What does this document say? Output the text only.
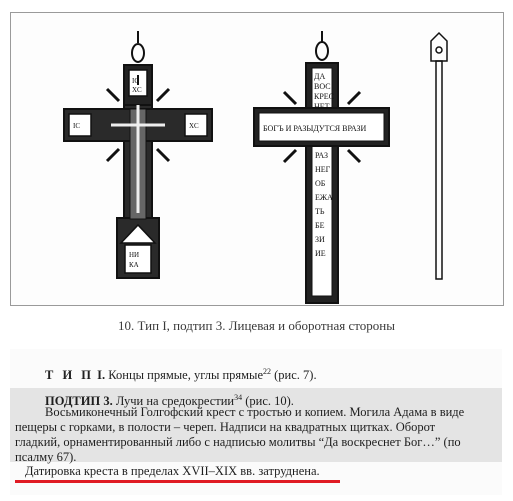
IC
XC
IC	XC
НИ
КА
ДА
ВОС
КРЕС
НЕТ
БОГЪ И РАЗЫДУТСЯ ВРАЗИ
РАЗ
НЕГ
ОБ
ЕЖА
ТЬ
БЕ
ЗИ
ИЕ
10. Тип I, подтип 3. Лицевая и оборотная стороны
Т И П I. Концы прямые, углы прямые$^{22}$ (рис. 7).
ПОДТИП 3. Лучи на средокрестии$^{34}$ (рис. 10).
Восьмиконечный Голгофский крест с тростью и копием. Могила Адама в виде
пещеры с горками, в полости – череп. Надписи на квадратных щитках. Оборот
гладкий, орнаментированный либо с надписью молитвы “Да воскреснет Бог…” (по
псалму 67).
Датировка креста в пределах XVII–XIX вв. затруднена.
